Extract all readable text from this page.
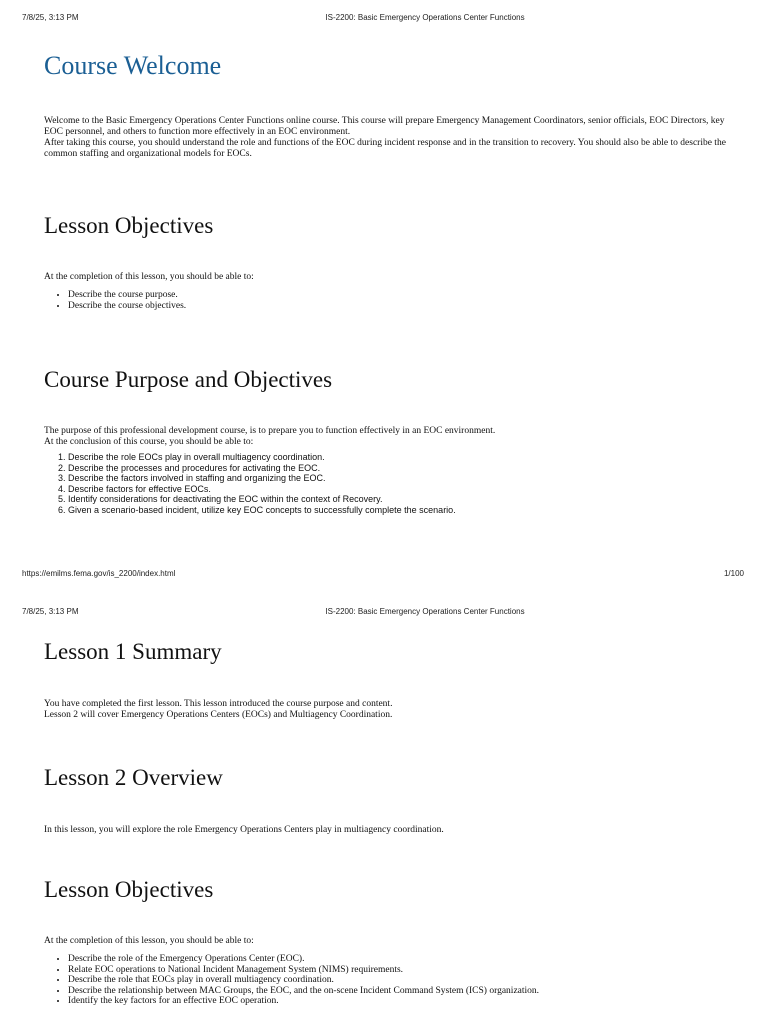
7/8/25, 3:13 PM	IS-2200: Basic Emergency Operations Center Functions
Course Welcome

Welcome to the Basic Emergency Operations Center Functions online course. This course will prepare Emergency Management Coordinators, senior officials, EOC Directors, key EOC personnel, and others to function more effectively in an EOC environment.

After taking this course, you should understand the role and functions of the EOC during incident response and in the transition to recovery. You should also be able to describe the common staffing and organizational models for EOCs.

Lesson Objectives

At the completion of this lesson, you should be able to:

• Describe the course purpose.
• Describe the course objectives.
Course Purpose and Objectives

The purpose of this professional development course, is to prepare you to function effectively in an EOC environment.

At the conclusion of this course, you should be able to:

1. Describe the role EOCs play in overall multiagency coordination.
2. Describe the processes and procedures for activating the EOC.
3. Describe the factors involved in staffing and organizing the EOC.
4. Describe factors for effective EOCs.
5. Identify considerations for deactivating the EOC within the context of Recovery.
6. Given a scenario-based incident, utilize key EOC concepts to successfully complete the scenario.
https://emilms.fema.gov/is_2200/index.html	1/100
7/8/25, 3:13 PM	IS-2200: Basic Emergency Operations Center Functions
Lesson 1 Summary

You have completed the first lesson. This lesson introduced the course purpose and content.

Lesson 2 will cover Emergency Operations Centers (EOCs) and Multiagency Coordination.

Lesson 2 Overview

In this lesson, you will explore the role Emergency Operations Centers play in multiagency coordination.

Lesson Objectives

At the completion of this lesson, you should be able to:

• Describe the role of the Emergency Operations Center (EOC).
• Relate EOC operations to National Incident Management System (NIMS) requirements.
• Describe the role that EOCs play in overall multiagency coordination.
• Describe the relationship between MAC Groups, the EOC, and the on-scene Incident Command System (ICS) organization.
• Identify the key factors for an effective EOC operation.
